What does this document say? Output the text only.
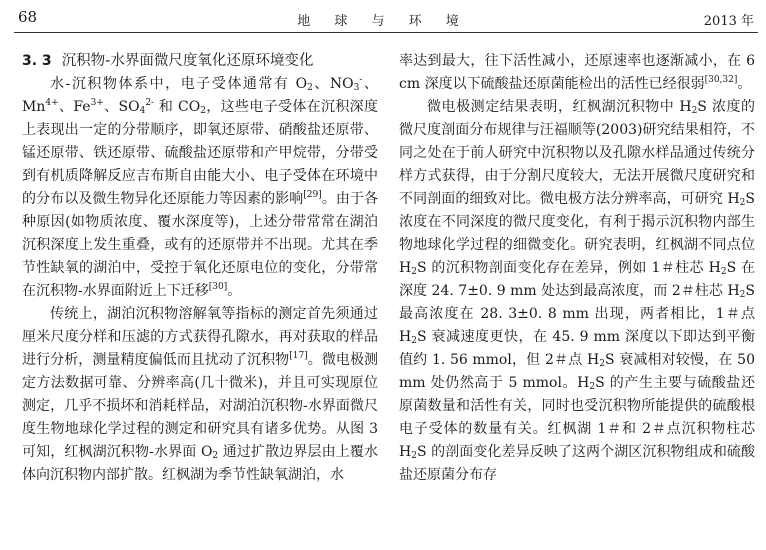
68	地 球 与 环 境	2013 年

3. 3 沉积物-水界面微尺度氧化还原环境变化

水-沉积物体系中，电子受体通常有 $O_2$、$NO_3^-$、$Mn^{4+}$、$Fe^{3+}$、$SO_4^{2-}$ 和 $CO_2$，这些电子受体在沉积深度上表现出一定的分带顺序，即氧还原带、硝酸盐还原带、锰还原带、铁还原带、硫酸盐还原带和产甲烷带，分带受到有机质降解反应吉布斯自由能大小、电子受体在环境中的分布以及微生物异化还原能力等因素的影响[29]。由于各种原因(如物质浓度、覆水深度等)，上述分带常常在湖泊沉积深度上发生重叠，或有的还原带并不出现。尤其在季节性缺氧的湖泊中，受控于氧化还原电位的变化，分带常在沉积物-水界面附近上下迁移[30]。

传统上，湖泊沉积物溶解氧等指标的测定首先须通过厘米尺度分样和压滤的方式获得孔隙水，再对获取的样品进行分析，测量精度偏低而且扰动了沉积物[17]。微电极测定方法数据可靠、分辨率高(几十微米)，并且可实现原位测定，几乎不损坏和消耗样品，对湖泊沉积物-水界面微尺度生物地球化学过程的测定和研究具有诸多优势。从图 3 可知，红枫湖沉积物-水界面 $O_2$ 通过扩散边界层由上覆水体向沉积物内部扩散。红枫湖为季节性缺氧湖泊，水

率达到最大，往下活性减小，还原速率也逐渐减小，在 6 cm 深度以下硫酸盐还原菌能检出的活性已经很弱[30,32]。

微电极测定结果表明，红枫湖沉积物中 $H_2S$ 浓度的微尺度剖面分布规律与汪福顺等(2003)研究结果相符，不同之处在于前人研究中沉积物以及孔隙水样品通过传统分样方式获得，由于分割尺度较大，无法开展微尺度研究和不同剖面的细致对比。微电极方法分辨率高，可研究 $H_2S$ 浓度在不同深度的微尺度变化，有利于揭示沉积物内部生物地球化学过程的细微变化。研究表明，红枫湖不同点位 $H_2S$ 的沉积物剖面变化存在差异，例如 1＃柱芯 $H_2S$ 在深度 24. 7±0. 9 mm 处达到最高浓度，而 2＃柱芯 $H_2S$ 最高浓度在 28. 3±0. 8 mm 出现，两者相比，1＃点 $H_2S$ 衰减速度更快，在 45. 9 mm 深度以下即达到平衡值约 1. 56 mmol，但 2＃点 $H_2S$ 衰减相对较慢，在 50 mm 处仍然高于 5 mmol。$H_2S$ 的产生主要与硫酸盐还原菌数量和活性有关，同时也受沉积物所能提供的硫酸根电子受体的数量有关。红枫湖 1＃和 2＃点沉积物柱芯 $H_2S$ 的剖面变化差异反映了这两个湖区沉积物组成和硫酸盐还原菌分布存
